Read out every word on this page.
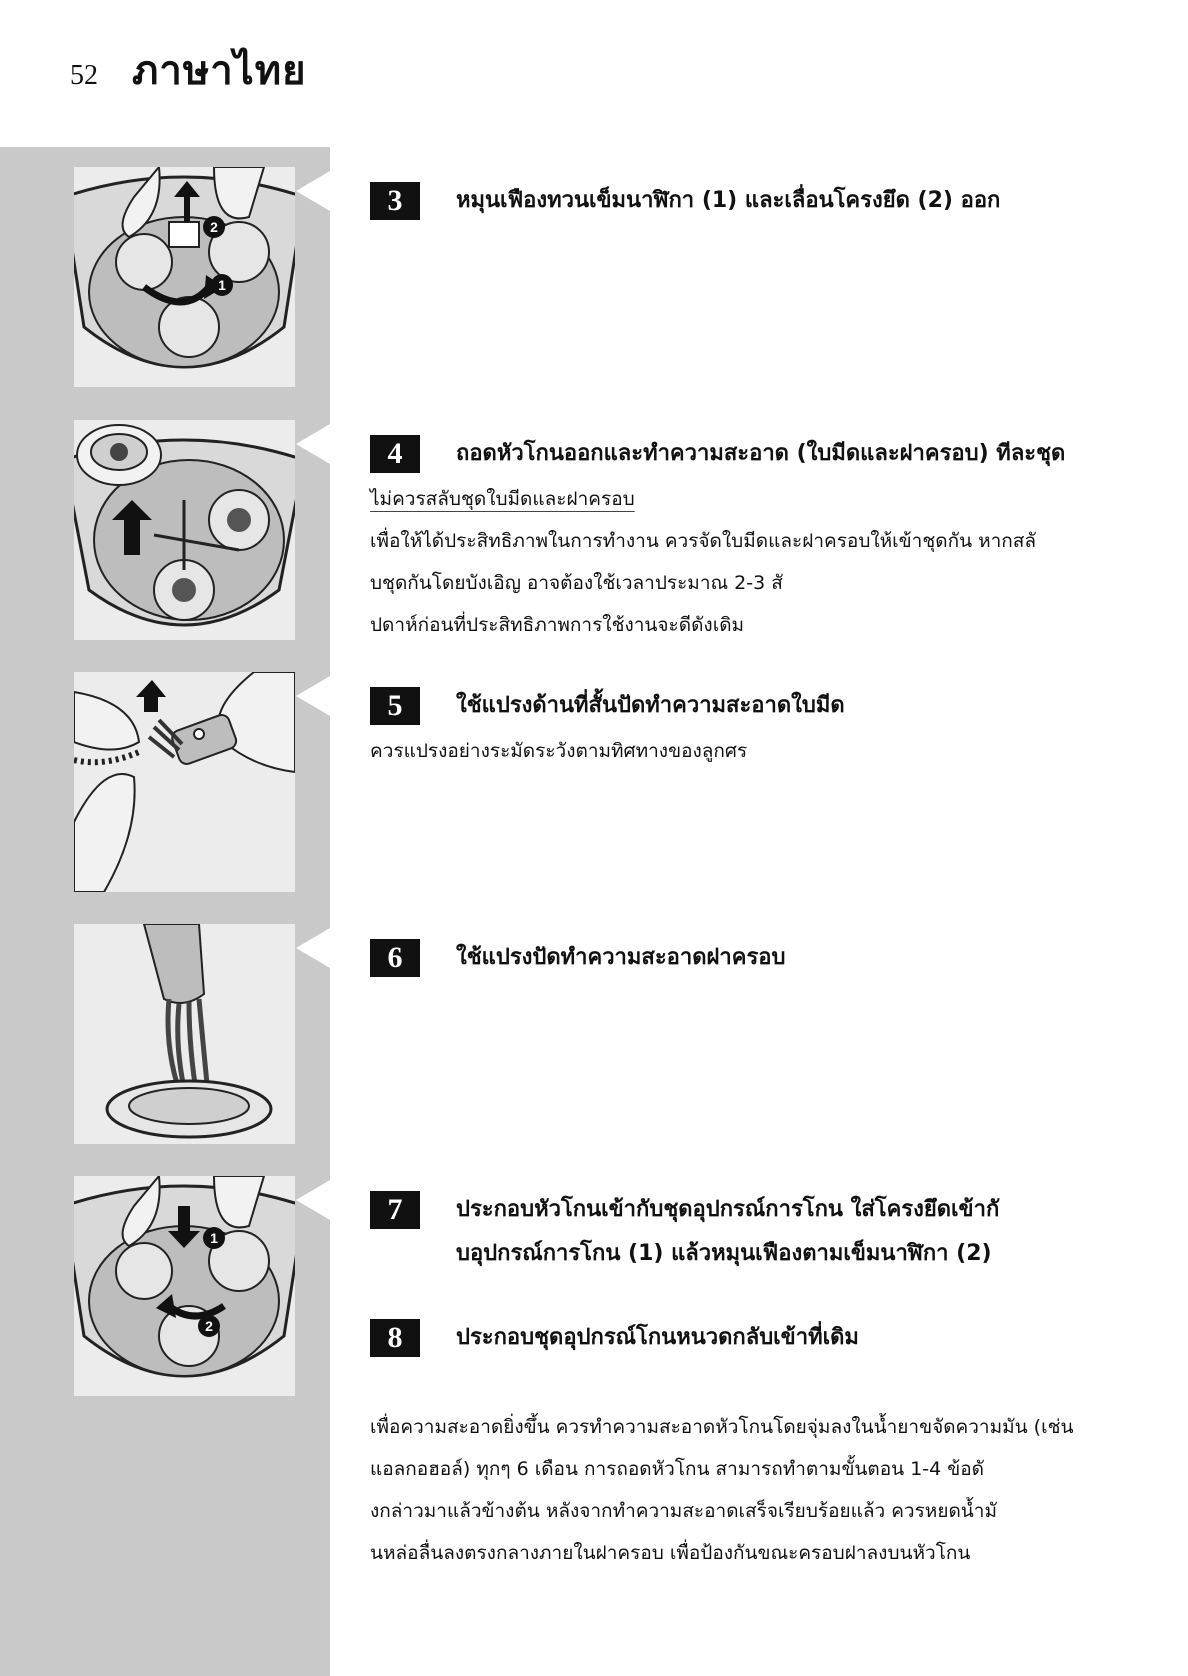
52 ภาษาไทย
2
1
1
2
3	หมุนเฟืองทวนเข็มนาฬิกา (1) และเลื่อนโครงยึด (2) ออก
4	ถอดหัวโกนออกและทำความสะอาด (ใบมีดและฝาครอบ) ทีละชุด
ไม่ควรสลับชุดใบมีดและฝาครอบ
เพื่อให้ได้ประสิทธิภาพในการทำงาน ควรจัดใบมีดและฝาครอบให้เข้าชุดกัน หากสลั
บชุดกันโดยบังเอิญ อาจต้องใช้เวลาประมาณ 2-3 สั
ปดาห์ก่อนที่ประสิทธิภาพการใช้งานจะดีดังเดิม
5	ใช้แปรงด้านที่สั้นปัดทำความสะอาดใบมีด
ควรแปรงอย่างระมัดระวังตามทิศทางของลูกศร
6	ใช้แปรงปัดทำความสะอาดฝาครอบ
7	ประกอบหัวโกนเข้ากับชุดอุปกรณ์การโกน ใส่โครงยึดเข้ากั
บอุปกรณ์การโกน (1) แล้วหมุนเฟืองตามเข็มนาฬิกา (2)
8	ประกอบชุดอุปกรณ์โกนหนวดกลับเข้าที่เดิม
เพื่อความสะอาดยิ่งขึ้น ควรทำความสะอาดหัวโกนโดยจุ่มลงในน้ำยาขจัดความมัน (เช่น
แอลกอฮอล์) ทุกๆ 6 เดือน การถอดหัวโกน สามารถทำตามขั้นตอน 1-4 ข้อดั
งกล่าวมาแล้วข้างต้น หลังจากทำความสะอาดเสร็จเรียบร้อยแล้ว ควรหยดน้ำมั
นหล่อลื่นลงตรงกลางภายในฝาครอบ เพื่อป้องกันขณะครอบฝาลงบนหัวโกน
